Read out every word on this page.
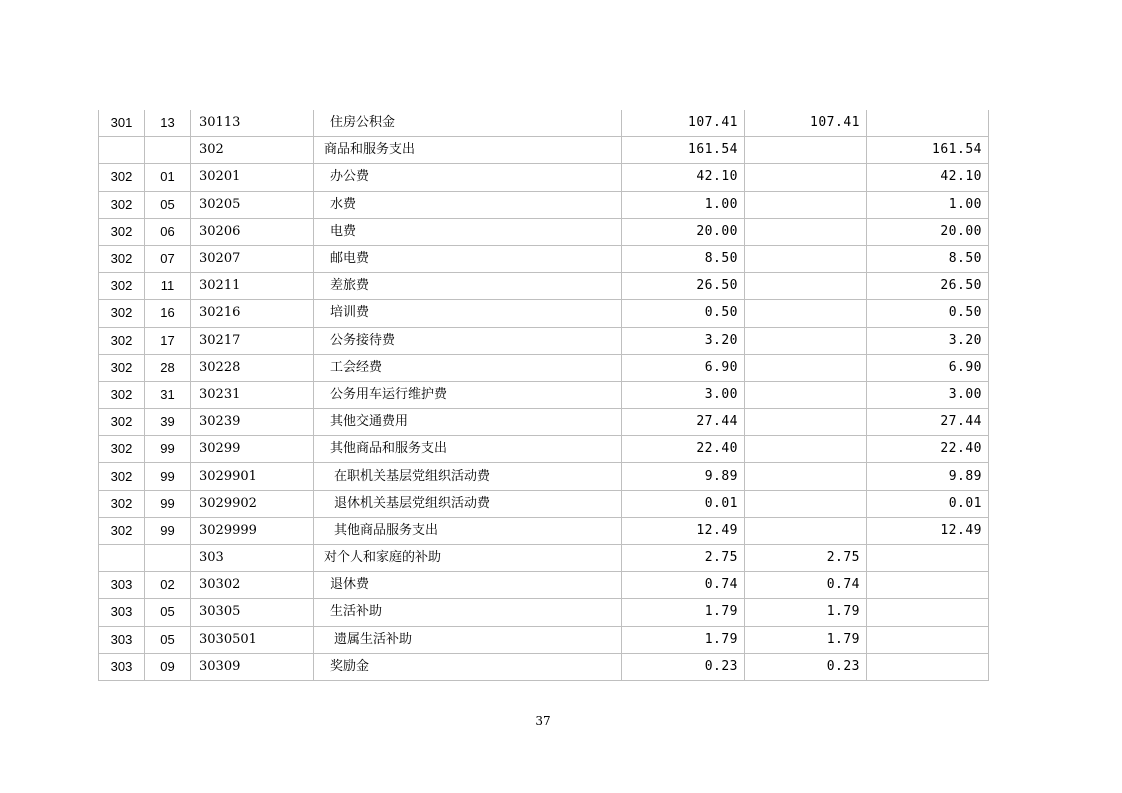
301	13	30113	住房公积金	107.41	107.41	
		302	商品和服务支出	161.54		161.54
302	01	30201	办公费	42.10		42.10
302	05	30205	水费	1.00		1.00
302	06	30206	电费	20.00		20.00
302	07	30207	邮电费	8.50		8.50
302	11	30211	差旅费	26.50		26.50
302	16	30216	培训费	0.50		0.50
302	17	30217	公务接待费	3.20		3.20
302	28	30228	工会经费	6.90		6.90
302	31	30231	公务用车运行维护费	3.00		3.00
302	39	30239	其他交通费用	27.44		27.44
302	99	30299	其他商品和服务支出	22.40		22.40
302	99	3029901	在职机关基层党组织活动费	9.89		9.89
302	99	3029902	退休机关基层党组织活动费	0.01		0.01
302	99	3029999	其他商品服务支出	12.49		12.49
		303	对个人和家庭的补助	2.75	2.75	
303	02	30302	退休费	0.74	0.74	
303	05	30305	生活补助	1.79	1.79	
303	05	3030501	遗属生活补助	1.79	1.79	
303	09	30309	奖励金	0.23	0.23	
37
